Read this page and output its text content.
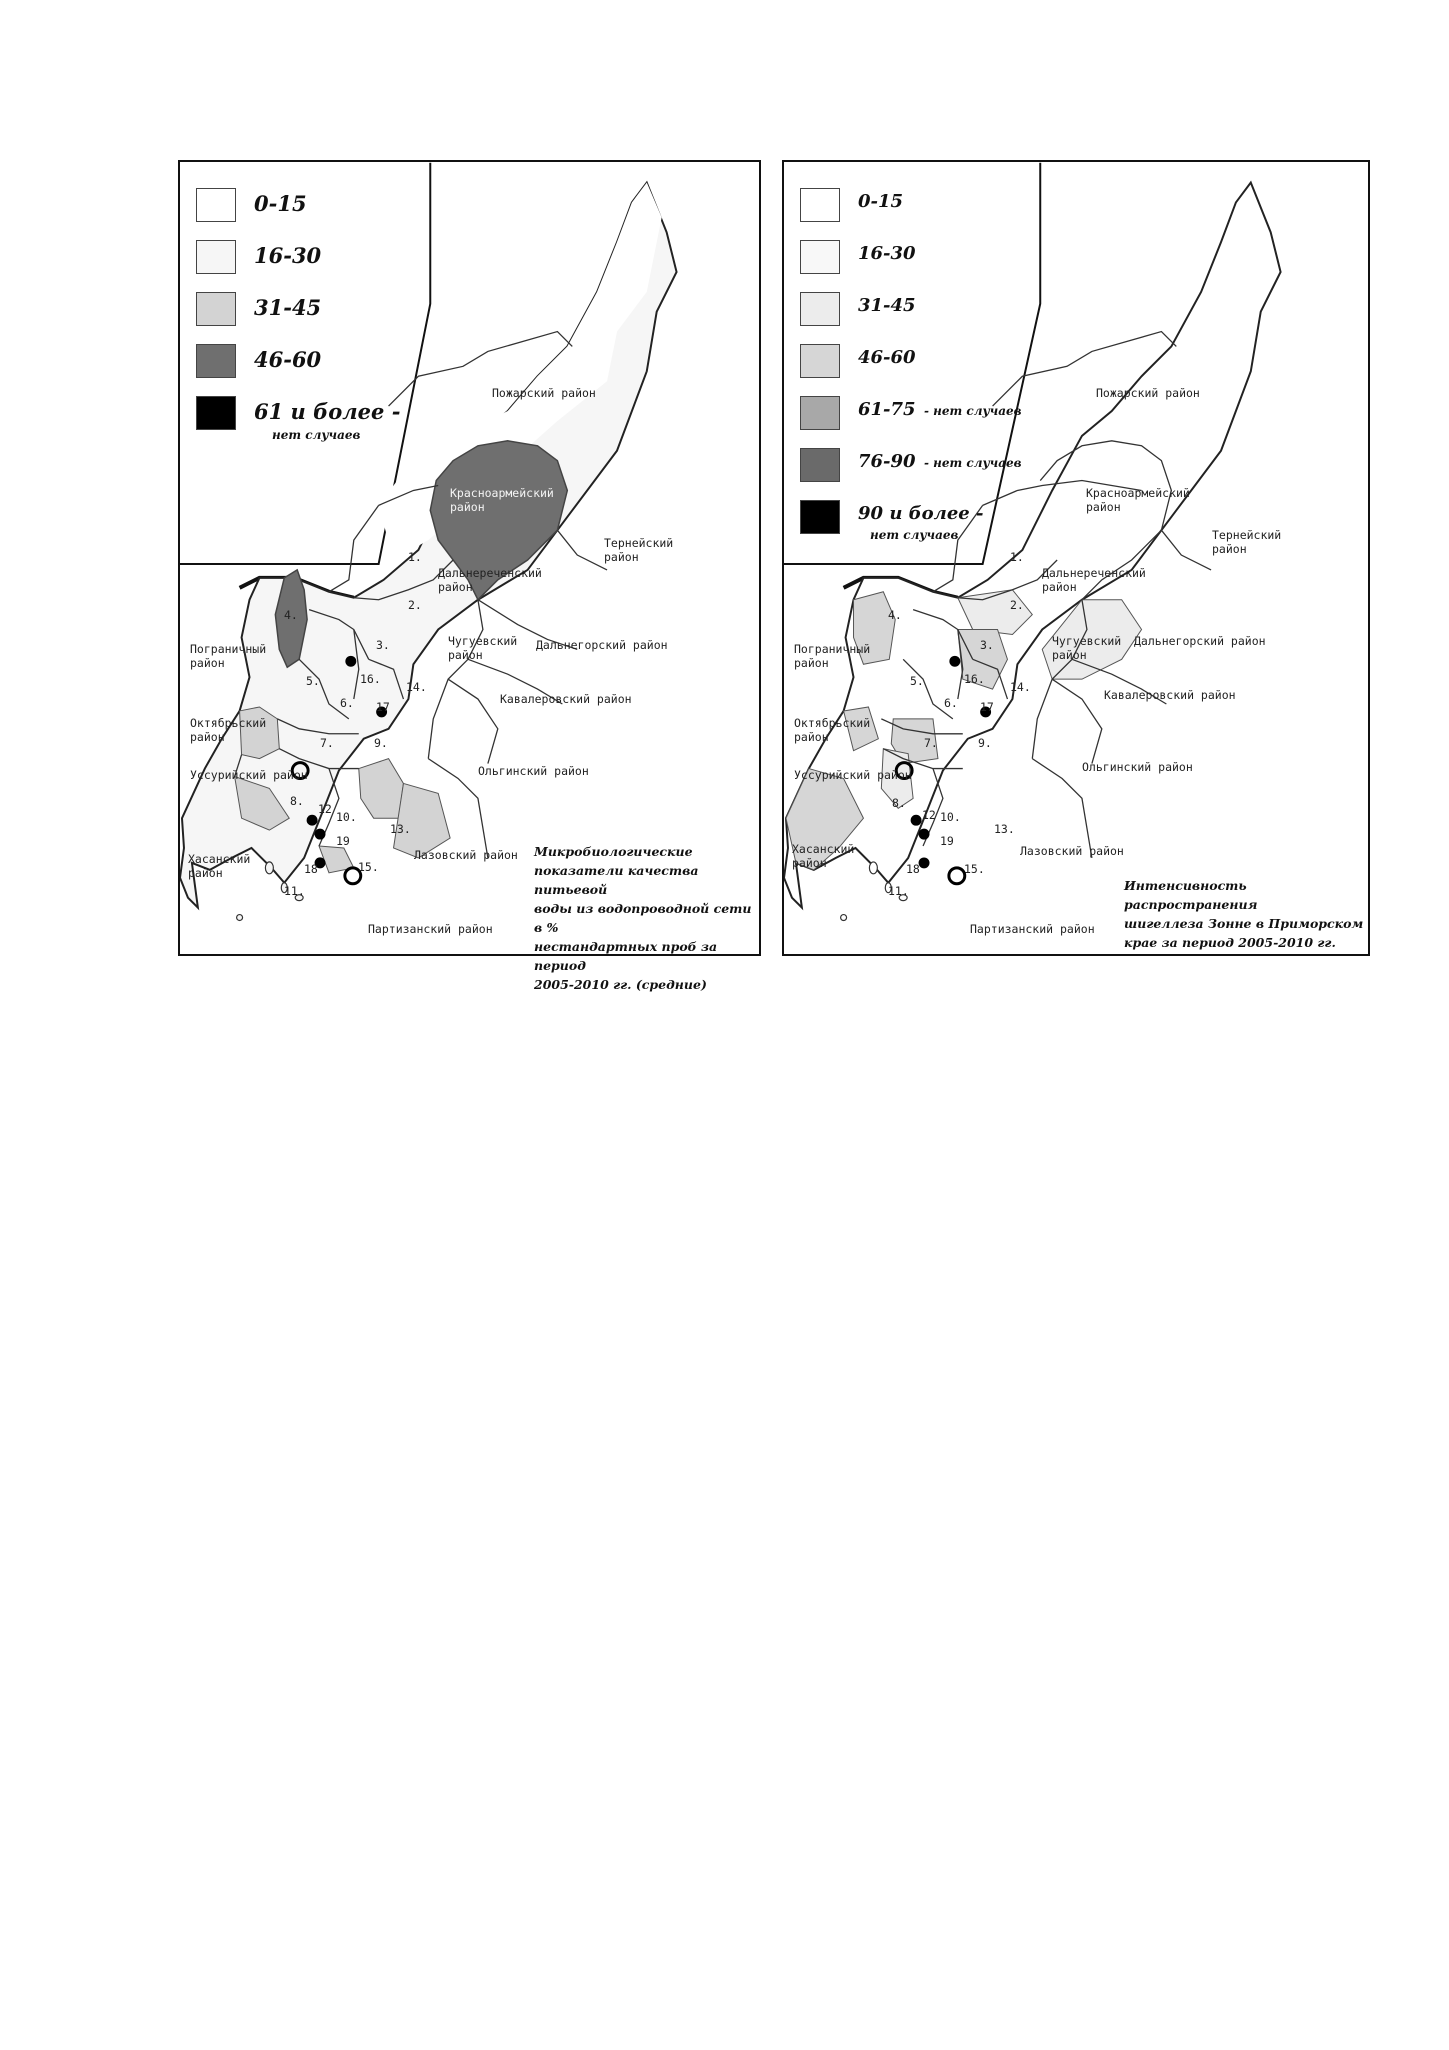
0-15
16-30
31-45
46-60
61 и более -
нет случаев
Пожарский район
Красноармейский
район
Тернейский
район
Дальнереченский
район
Пограничный
район
Чугуевский
район
Дальнегорский район
Кавалеровский район
Октябрьский
район
Уссурийский район	Ольгинский район
Хасанский
район
Лазовский район
Партизанский район
1.
2.
3.
4.
5.
6.
7.
8.
9.
10.
11.
12
13.
14.
15.
16.
17
18
19
Микробиологические
показатели качества питьевой
воды из водопроводной сети в %
нестандартных проб за период
2005-2010 гг. (средние)
0-15
16-30
31-45
46-60
61-75 - нет случаев
76-90 - нет случаев
90 и более -
нет случаев
Пожарский район
Красноармейский
район
Тернейский
район
Дальнереченский
район
Пограничный
район
Чугуевский
район
Дальнегорский район
Кавалеровский район
Октябрьский
район
Уссурийский район
Ольгинский район
Хасанский
район
Лазовский район
Партизанский район
1.
2.
3.
4.
5.
6.
7.
8.
9.
10.
11.
12
13.
14.
15.
16.
17
18
19
Интенсивность распространения
шигеллеза Зонне в Приморском
крае за период 2005-2010 гг.
